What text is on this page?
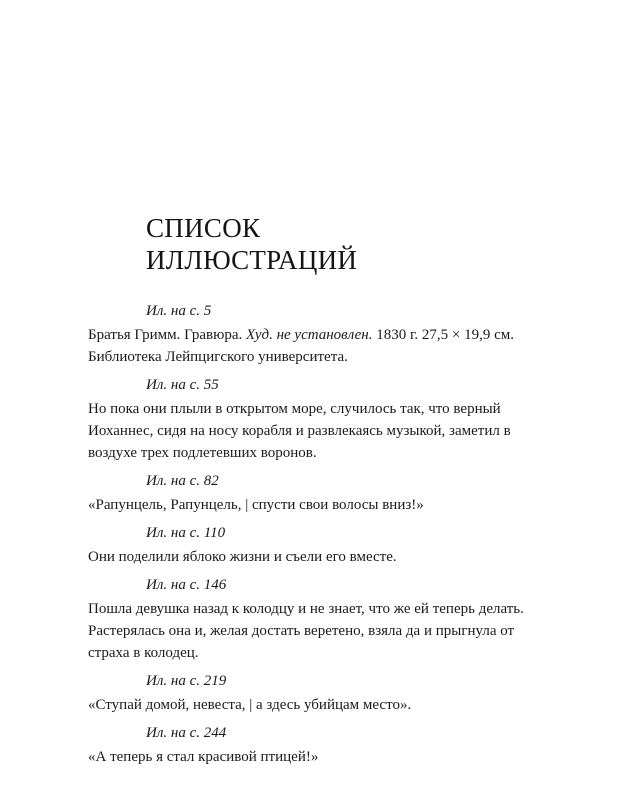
СПИСОК
ИЛЛЮСТРАЦИЙ
Ил. на с. 5
Братья Гримм. Гравюра. Худ. не установлен. 1830 г. 27,5 × 19,9 см. Библиотека Лейпцигского университета.
Ил. на с. 55
Но пока они плыли в открытом море, случилось так, что верный Иоханнес, сидя на носу корабля и развлекаясь музыкой, заметил в воздухе трех подлетевших воронов.
Ил. на с. 82
«Рапунцель, Рапунцель, | спусти свои волосы вниз!»
Ил. на с. 110
Они поделили яблоко жизни и съели его вместе.
Ил. на с. 146
Пошла девушка назад к колодцу и не знает, что же ей теперь делать. Растерялась она и, желая достать веретено, взяла да и прыгнула от страха в колодец.
Ил. на с. 219
«Ступай домой, невеста, | а здесь убийцам место».
Ил. на с. 244
«А теперь я стал красивой птицей!»
